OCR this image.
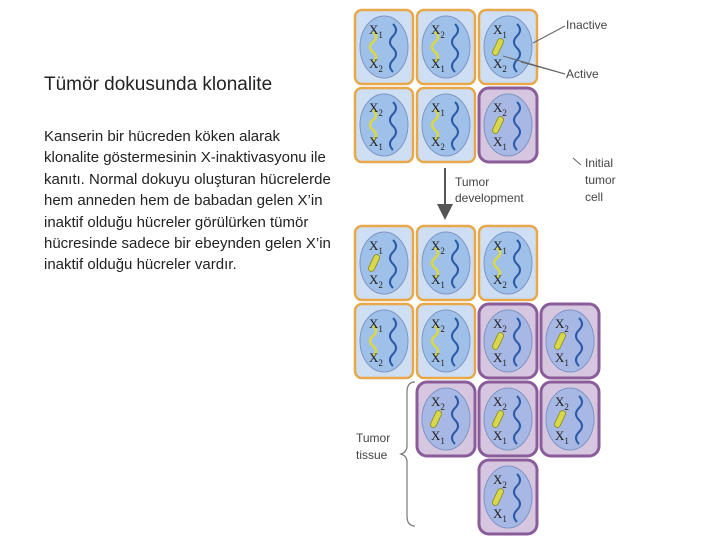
Tümör dokusunda klonalite
Kanserin bir hücreden köken alarak klonalite göstermesinin X-inaktivasyonu ile kanıtı. Normal dokuyu oluşturan hücrelerde hem anneden hem de babadan gelen X’in inaktif olduğu hücreler görülürken tümör hücresinde sadece bir ebeynden gelen X’in inaktif olduğu hücreler vardır.
$X_1$
$X_2$
$X_2$
$X_1$
$X_1$
$X_2$
$X_2$
$X_1$
$X_1$
$X_2$
$X_2$
$X_1$
$X_1$
$X_2$
$X_2$
$X_1$
$X_1$
$X_2$
$X_1$
$X_2$
$X_2$
$X_1$
$X_2$
$X_1$
$X_2$
$X_1$
$X_2$
$X_1$
$X_2$
$X_1$
$X_2$
$X_1$
$X_2$
$X_1$
Inactive
Active
Initial
tumor
cell
Tumor
development
Tumor
tissue
